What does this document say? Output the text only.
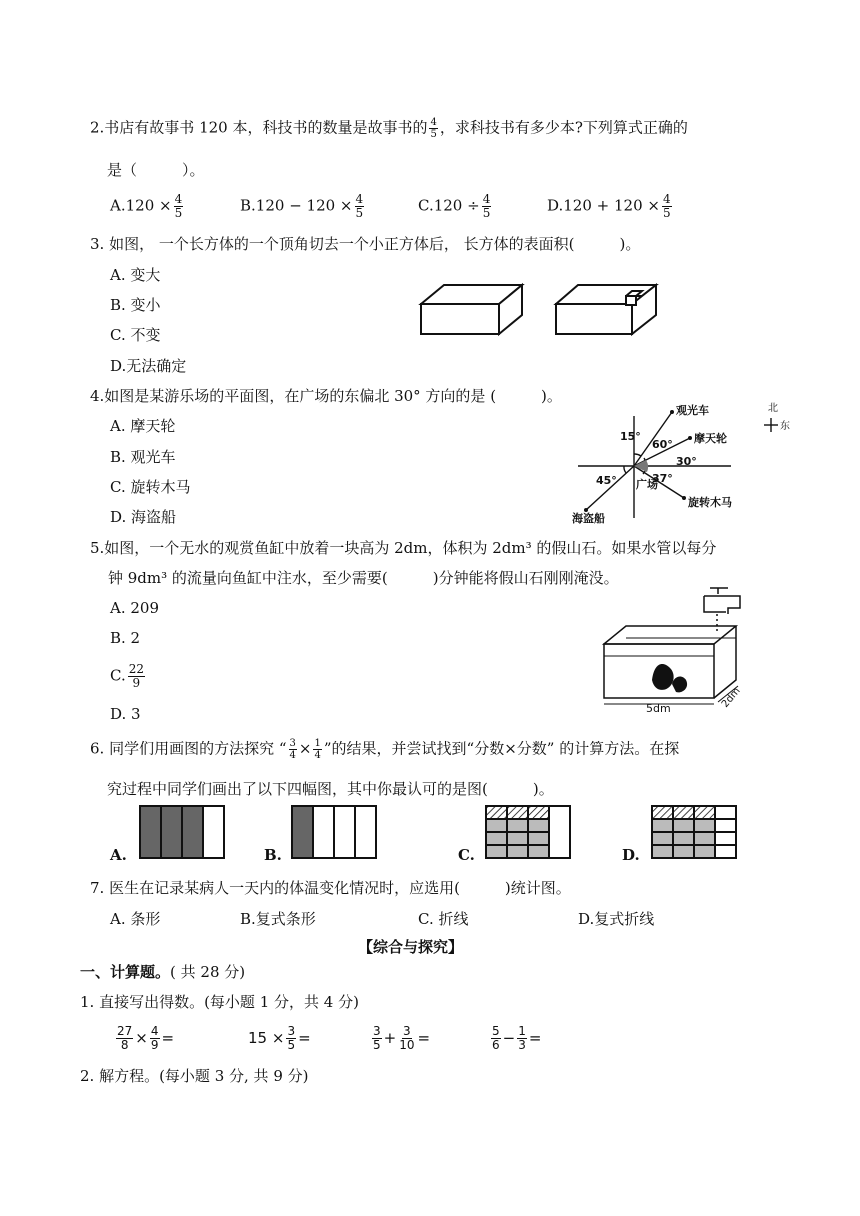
2.书店有故事书 120 本，科技书的数量是故事书的 $\frac{4}{5}$ ，求科技书有多少本?下列算式正确的
是（　　　）。
$A.120 \times \frac{4}{5}$	$B.120 - 120 \times \frac{4}{5}$	$C.120 \div \frac{4}{5}$	$D.120 + 120 \times \frac{4}{5}$
3. 如图， 一个长方体的一个顶角切去一个小正方体后， 长方体的表面积(　　　)。
A. 变大
B. 变小
C. 不变
D.无法确定
4.如图是某游乐场的平面图，在广场的东偏北 30° 方向的是 (　　　)。
A. 摩天轮
B. 观光车
C. 旋转木马
D. 海盗船
北
东
观光车
摩天轮
旋转木马
海盗船
广场
15°
60°
30°
45°	37°
5.如图，一个无水的观赏鱼缸中放着一块高为 2dm，体积为 2dm³ 的假山石。如果水管以每分
钟 9dm³ 的流量向鱼缸中注水，至少需要(　　　)分钟能将假山石刚刚淹没。
A. 209
B. 2
C. $\frac{22}{9}$
D. 3	5dm	2dm
6. 同学们用画图的方法探究 “ $\frac{3}{4} \times \frac{1}{4}$ ”的结果，并尝试找到“分数×分数” 的计算方法。在探
究过程中同学们画出了以下四幅图，其中你最认可的是图(　　　)。
A.	B.	C.	D.
7. 医生在记录某病人一天内的体温变化情况时，应选用(　　　)统计图。
A. 条形	B.复式条形	C. 折线	D.复式折线
【综合与探究】
一、计算题。( 共 28 分)
1. 直接写出得数。(每小题 1 分，共 4 分)
$\frac{27}{8} \times \frac{4}{9}$ =	$15 \times \frac{3}{5}$ =	$\frac{3}{5} + \frac{3}{10}$ =	$\frac{5}{6} - \frac{1}{3}$ =
2. 解方程。(每小题 3 分, 共 9 分)
